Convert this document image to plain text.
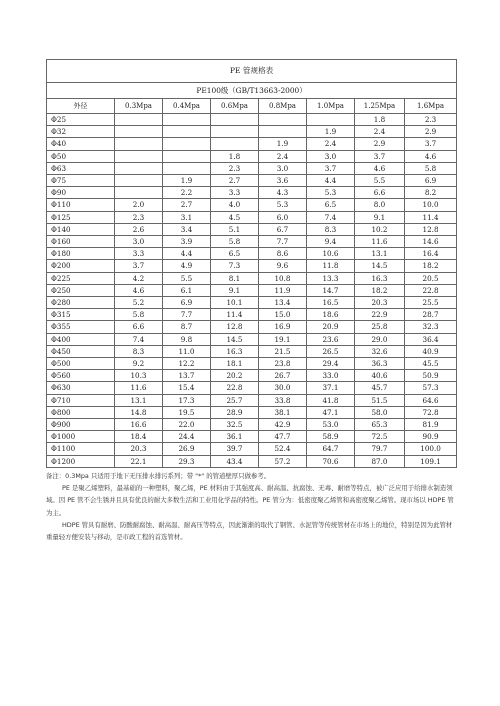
PE 管规格表							
PE100级（GB/T13663-2000）							
外径	0.3Mpa	0.4Mpa	0.6Mpa	0.8Mpa	1.0Mpa	1.25Mpa	1.6Mpa
Φ25						1.8	2.3
Φ32					1.9	2.4	2.9
Φ40				1.9	2.4	2.9	3.7
Φ50			1.8	2.4	3.0	3.7	4.6
Φ63			2.3	3.0	3.7	4.6	5.8
Φ75		1.9	2.7	3.6	4.4	5.5	6.9
Φ90		2.2	3.3	4.3	5.3	6.6	8.2
Φ110	2.0	2.7	4.0	5.3	6.5	8.0	10.0
Φ125	2.3	3.1	4.5	6.0	7.4	9.1	11.4
Φ140	2.6	3.4	5.1	6.7	8.3	10.2	12.8
Φ160	3.0	3.9	5.8	7.7	9.4	11.6	14.6
Φ180	3.3	4.4	6.5	8.6	10.6	13.1	16.4
Φ200	3.7	4.9	7.3	9.6	11.8	14.5	18.2
Φ225	4.2	5.5	8.1	10.8	13.3	16.3	20.5
Φ250	4.6	6.1	9.1	11.9	14.7	18.2	22.8
Φ280	5.2	6.9	10.1	13.4	16.5	20.3	25.5
Φ315	5.8	7.7	11.4	15.0	18.6	22.9	28.7
Φ355	6.6	8.7	12.8	16.9	20.9	25.8	32.3
Φ400	7.4	9.8	14.5	19.1	23.6	29.0	36.4
Φ450	8.3	11.0	16.3	21.5	26.5	32.6	40.9
Φ500	9.2	12.2	18.1	23.8	29.4	36.3	45.5
Φ560	10.3	13.7	20.2	26.7	33.0	40.6	50.9
Φ630	11.6	15.4	22.8	30.0	37.1	45.7	57.3
Φ710	13.1	17.3	25.7	33.8	41.8	51.5	64.6
Φ800	14.8	19.5	28.9	38.1	47.1	58.0	72.8
Φ900	16.6	22.0	32.5	42.9	53.0	65.3	81.9
Φ1000	18.4	24.4	36.1	47.7	58.9	72.5	90.9
Φ1100	20.3	26.9	39.7	52.4	64.7	79.7	100.0
Φ1200	22.1	29.3	43.4	57.2	70.6	87.0	109.1

备注：0.3Mpa 只适用于地下无压排水排污系列；带 "*" 的管道壁厚只做参考。

PE 是聚乙烯塑料，最基础的一种塑料，聚乙烯，PE 材料由于其强度高、耐高温、抗腐蚀、无毒、耐磨等特点，被广泛应用于给排水制造领域。因 PE 管不会生锈并且具有优良的耐大多数生活和工业用化学品的特性。PE 管分为：低密度聚乙烯管和高密度聚乙烯管。现市场以 HDPE 管为主。

HDPE 管具有耐磨、防酸耐腐蚀、耐高温、耐高压等特点，因此渐渐的取代了钢管、水泥管等传统管材在市场上的地位，特别是因为此管材重量轻方便安装与移动，是市政工程的首选管材。
